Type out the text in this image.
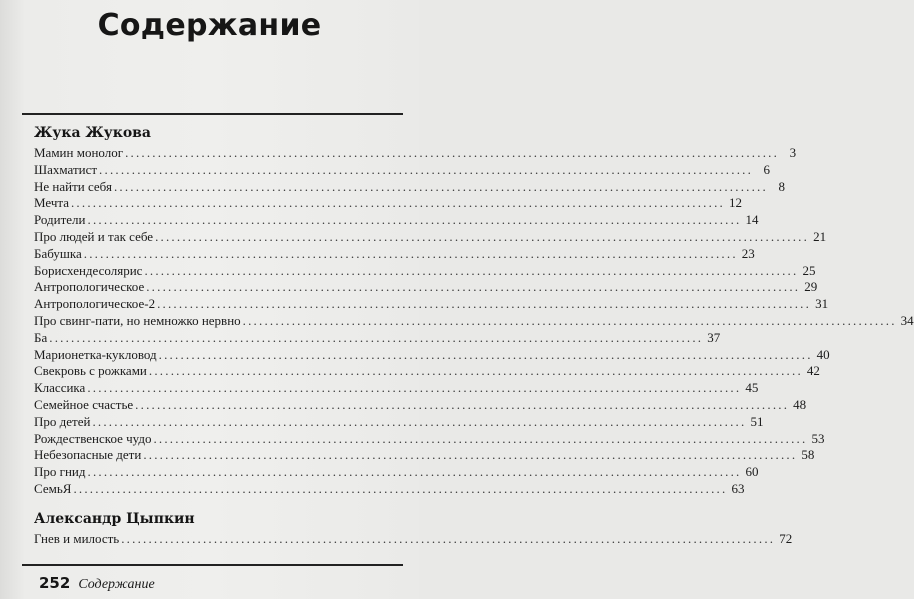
Содержание
Жука Жукова
Мамин монолог ........................................................................................................................ 3
Шахматист ........................................................................................................................ 6
Не найти себя ........................................................................................................................ 8
Мечта ........................................................................................................................ 12
Родители ........................................................................................................................ 14
Про людей и так себе ........................................................................................................................ 21
Бабушка ........................................................................................................................ 23
Борисхендесолярис ........................................................................................................................ 25
Антропологическое ........................................................................................................................ 29
Антропологическое-2 ........................................................................................................................ 31
Про свинг-пати, но немножко нервно ........................................................................................................................ 34
Ба ........................................................................................................................ 37
Марионетка-кукловод ........................................................................................................................ 40
Свекровь с рожками ........................................................................................................................ 42
Классика ........................................................................................................................ 45
Семейное счастье ........................................................................................................................ 48
Про детей ........................................................................................................................ 51
Рождественское чудо ........................................................................................................................ 53
Небезопасные дети ........................................................................................................................ 58
Про гнид ........................................................................................................................ 60
СемьЯ ........................................................................................................................ 63
Александр Цыпкин
Гнев и милость ........................................................................................................................ 72
252 Содержание
